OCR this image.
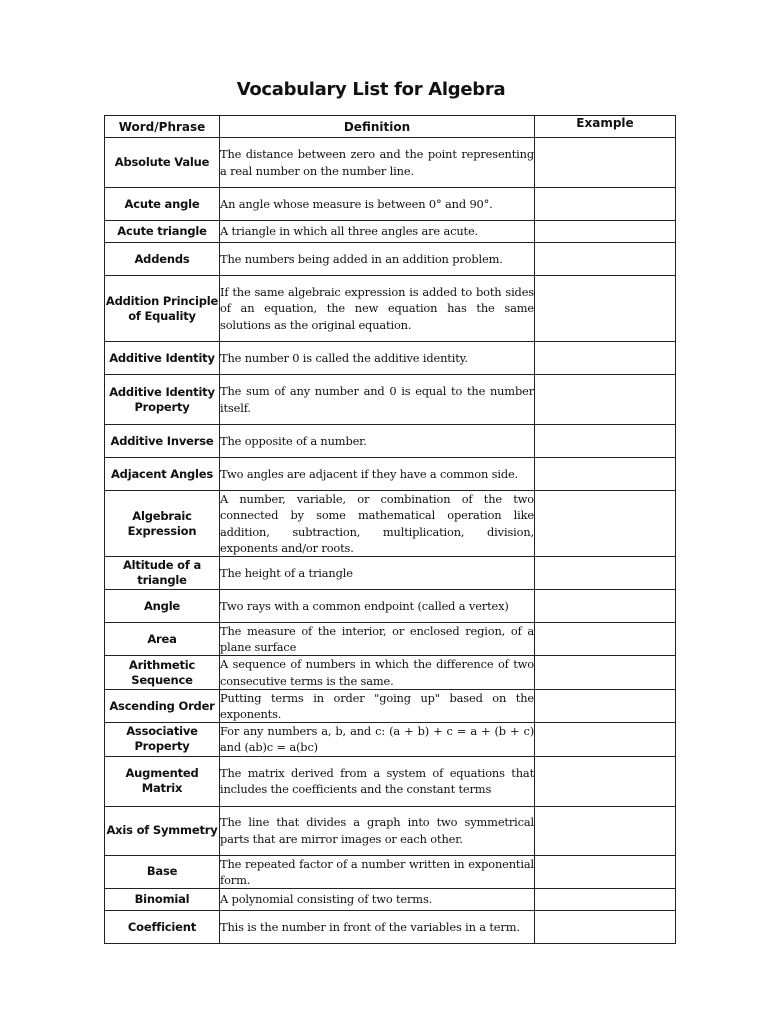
Vocabulary List for Algebra
Word/Phrase	Definition	Example
Absolute Value	The distance between zero and the point representing a real number on the number line.	
Acute angle	An angle whose measure is between 0° and 90°.	
Acute triangle	A triangle in which all three angles are acute.	
Addends	The numbers being added in an addition problem.	
Addition Principle of Equality	If the same algebraic expression is added to both sides of an equation, the new equation has the same solutions as the original equation.	
Additive Identity	The number 0 is called the additive identity.	
Additive Identity Property	The sum of any number and 0 is equal to the number itself.	
Additive Inverse	The opposite of a number.	
Adjacent Angles	Two angles are adjacent if they have a common side.	
Algebraic Expression	A number, variable, or combination of the two connected by some mathematical operation like addition, subtraction, multiplication, division, exponents and/or roots.	
Altitude of a triangle	The height of a triangle	
Angle	Two rays with a common endpoint (called a vertex)	
Area	The measure of the interior, or enclosed region, of a plane surface	
Arithmetic Sequence	A sequence of numbers in which the difference of two consecutive terms is the same.	
Ascending Order	Putting terms in order "going up" based on the exponents.	
Associative Property	For any numbers a, b, and c: (a + b) + c = a + (b + c) and (ab)c = a(bc)	
Augmented Matrix	The matrix derived from a system of equations that includes the coefficients and the constant terms	
Axis of Symmetry	The line that divides a graph into two symmetrical parts that are mirror images or each other.	
Base	The repeated factor of a number written in exponential form.	
Binomial	A polynomial consisting of two terms.	
Coefficient	This is the number in front of the variables in a term.	
